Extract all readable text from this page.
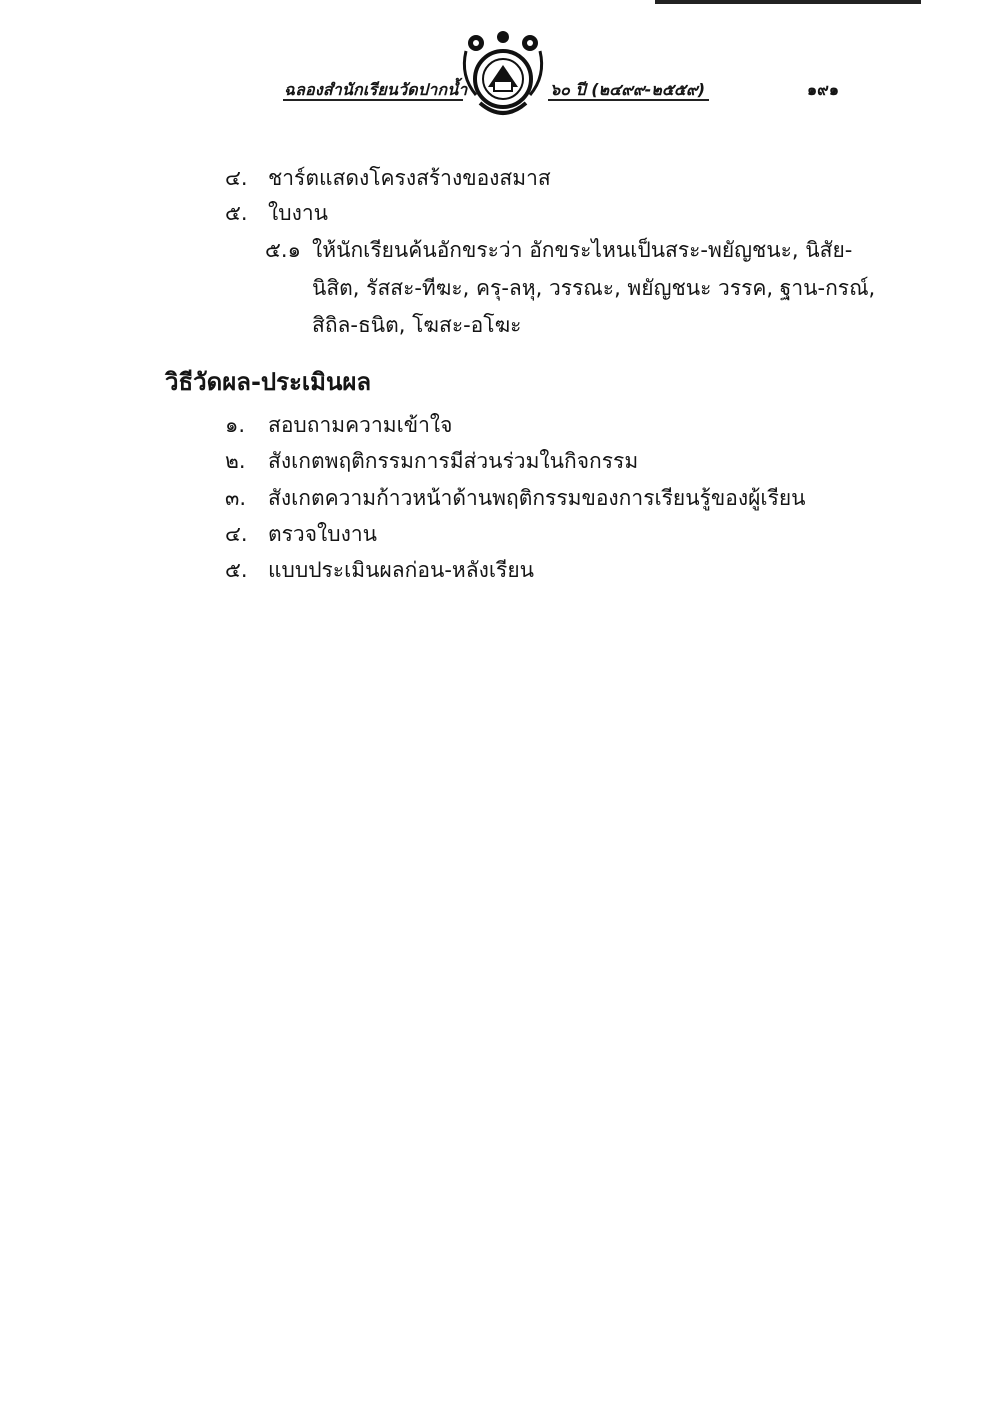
ฉลองสำนักเรียนวัดปากน้ำ	๖๐ ปี (๒๔๙๙-๒๕๕๙)	๑๙๑
๔. ชาร์ตแสดงโครงสร้างของสมาส
๕. ใบงาน
๕.๑ ให้นักเรียนค้นอักขระว่า อักขระไหนเป็นสระ-พยัญชนะ, นิสัย-
นิสิต, รัสสะ-ทีฆะ, ครุ-ลหุ, วรรณะ, พยัญชนะ วรรค, ฐาน-กรณ์,
สิถิล-ธนิต, โฆสะ-อโฆะ
วิธีวัดผล-ประเมินผล
๑. สอบถามความเข้าใจ
๒. สังเกตพฤติกรรมการมีส่วนร่วมในกิจกรรม
๓. สังเกตความก้าวหน้าด้านพฤติกรรมของการเรียนรู้ของผู้เรียน
๔. ตรวจใบงาน
๕. แบบประเมินผลก่อน-หลังเรียน
